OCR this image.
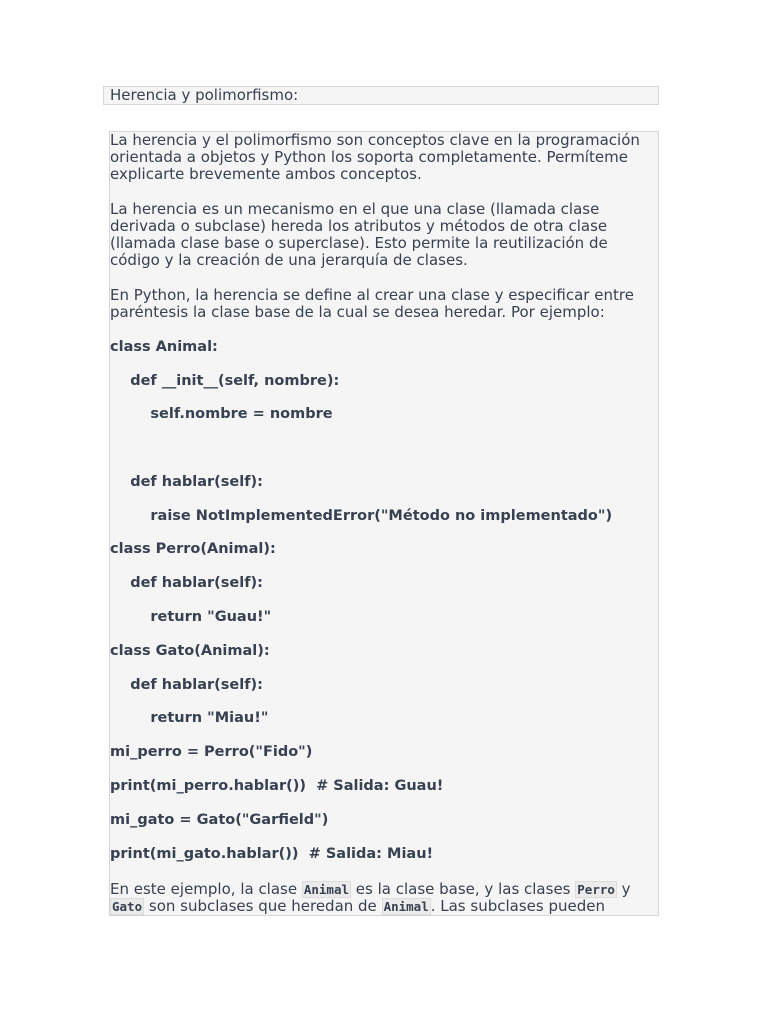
Herencia y polimorfismo:
La herencia y el polimorfismo son conceptos clave en la programación
orientada a objetos y Python los soporta completamente. Permíteme
explicarte brevemente ambos conceptos.
La herencia es un mecanismo en el que una clase (llamada clase
derivada o subclase) hereda los atributos y métodos de otra clase
(llamada clase base o superclase). Esto permite la reutilización de
código y la creación de una jerarquía de clases.
En Python, la herencia se define al crear una clase y especificar entre
paréntesis la clase base de la cual se desea heredar. Por ejemplo:
class Animal:
def __init__(self, nombre):
self.nombre = nombre
def hablar(self):
raise NotImplementedError("Método no implementado")
class Perro(Animal):
def hablar(self):
return "Guau!"
class Gato(Animal):
def hablar(self):
return "Miau!"
mi_perro = Perro("Fido")
print(mi_perro.hablar())  # Salida: Guau!
mi_gato = Gato("Garfield")
print(mi_gato.hablar())  # Salida: Miau!
En este ejemplo, la clase Animal es la clase base, y las clases Perro y
Gato son subclases que heredan de Animal . Las subclases pueden
